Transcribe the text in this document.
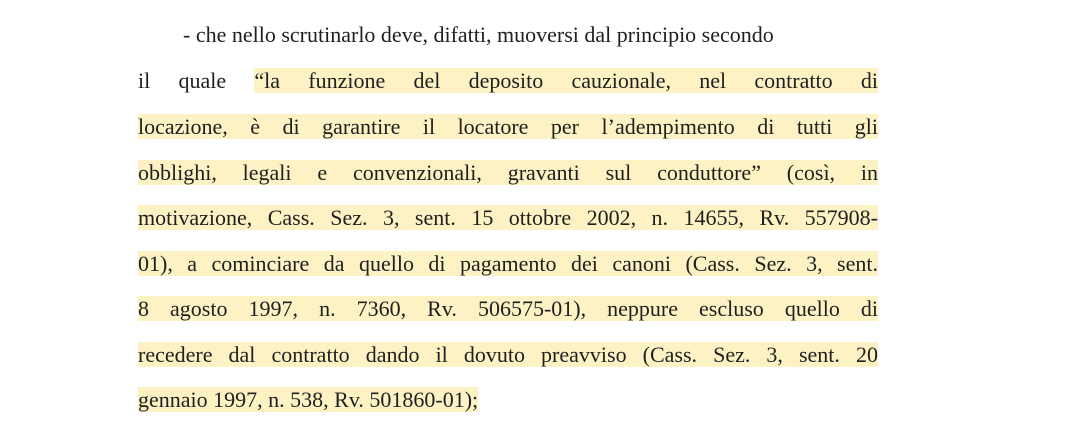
- che nello scrutinarlo deve, difatti, muoversi dal principio secondo
il quale “la funzione del deposito cauzionale, nel contratto di
locazione, è di garantire il locatore per l’adempimento di tutti gli
obblighi, legali e convenzionali, gravanti sul conduttore” (così, in
motivazione, Cass. Sez. 3, sent. 15 ottobre 2002, n. 14655, Rv. 557908-
01), a cominciare da quello di pagamento dei canoni (Cass. Sez. 3, sent.
8 agosto 1997, n. 7360, Rv. 506575-01), neppure escluso quello di
recedere dal contratto dando il dovuto preavviso (Cass. Sez. 3, sent. 20
gennaio 1997, n. 538, Rv. 501860-01);
